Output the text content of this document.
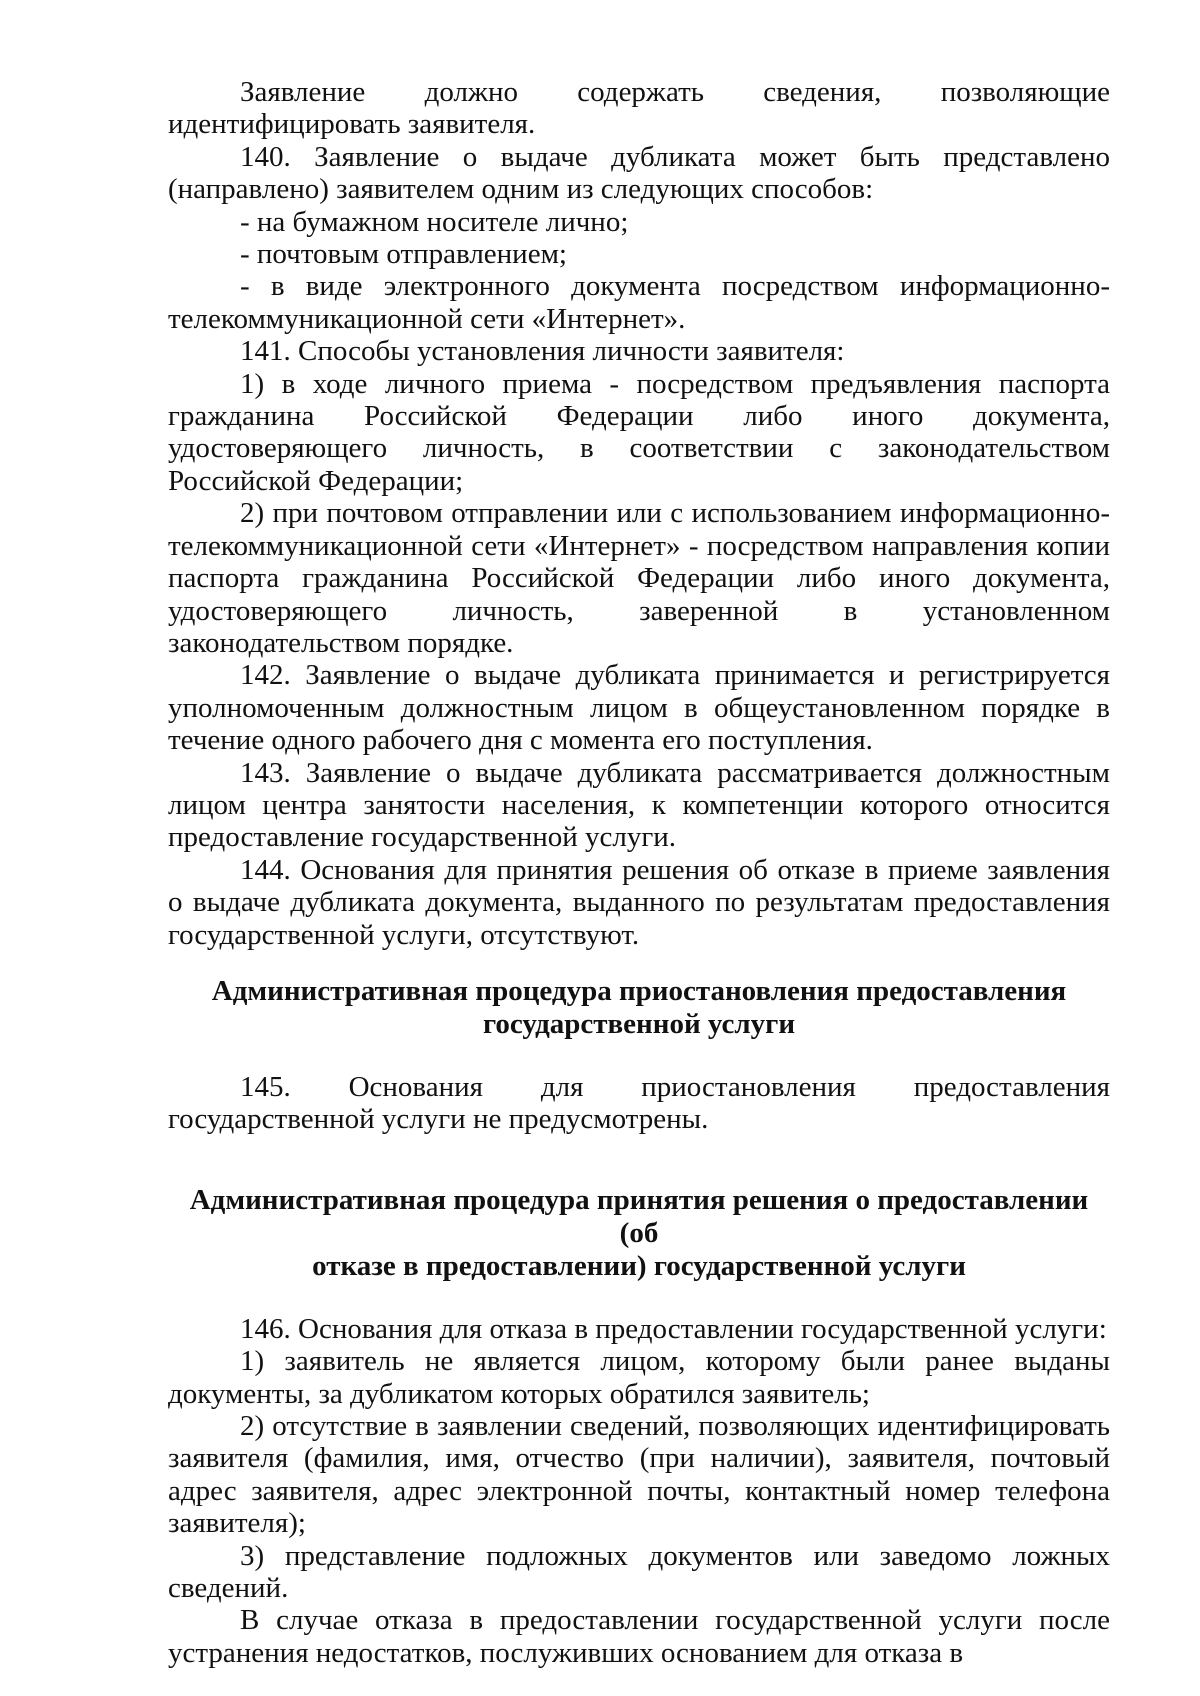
Заявление должно содержать сведения, позволяющие идентифицировать заявителя.

140. Заявление о выдаче дубликата может быть представлено (направлено) заявителем одним из следующих способов:

- на бумажном носителе лично;

- почтовым отправлением;

- в виде электронного документа посредством информационно-телекоммуникационной сети «Интернет».

141. Способы установления личности заявителя:

1) в ходе личного приема - посредством предъявления паспорта гражданина Российской Федерации либо иного документа, удостоверяющего личность, в соответствии с законодательством Российской Федерации;

2) при почтовом отправлении или с использованием информационно-телекоммуникационной сети «Интернет» - посредством направления копии паспорта гражданина Российской Федерации либо иного документа, удостоверяющего личность, заверенной в установленном законодательством порядке.

142. Заявление о выдаче дубликата принимается и регистрируется уполномоченным должностным лицом в общеустановленном порядке в течение одного рабочего дня с момента его поступления.

143. Заявление о выдаче дубликата рассматривается должностным лицом центра занятости населения, к компетенции которого относится предоставление государственной услуги.

144. Основания для принятия решения об отказе в приеме заявления о выдаче дубликата документа, выданного по результатам предоставления государственной услуги, отсутствуют.

Административная процедура приостановления предоставления
государственной услуги

145. Основания для приостановления предоставления государственной услуги не предусмотрены.

Административная процедура принятия решения о предоставлении (об
отказе в предоставлении) государственной услуги

146. Основания для отказа в предоставлении государственной услуги:

1) заявитель не является лицом, которому были ранее выданы документы, за дубликатом которых обратился заявитель;

2) отсутствие в заявлении сведений, позволяющих идентифицировать заявителя (фамилия, имя, отчество (при наличии), заявителя, почтовый адрес заявителя, адрес электронной почты, контактный номер телефона заявителя);

3) представление подложных документов или заведомо ложных сведений.

В случае отказа в предоставлении государственной услуги после устранения недостатков, послуживших основанием для отказа в
